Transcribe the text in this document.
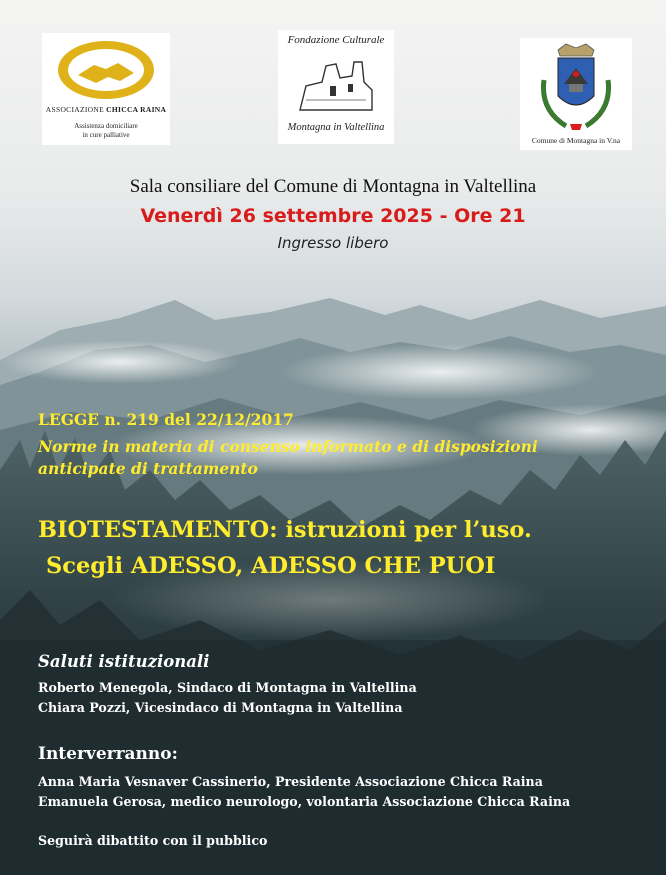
ASSOCIAZIONE CHICCA RAINA
Assistenza domiciliare
in cure palliative
Fondazione Culturale
Montagna in Valtellina
Comune di Montagna in V.na
Sala consiliare del Comune di Montagna in Valtellina
Venerdì 26 settembre 2025 - Ore 21
Ingresso libero
LEGGE n. 219 del 22/12/2017
Norme in materia di consenso informato e di disposizioni
anticipate di trattamento
BIOTESTAMENTO: istruzioni per l’uso.
Scegli ADESSO, ADESSO CHE PUOI
Saluti istituzionali
Roberto Menegola, Sindaco di Montagna in Valtellina
Chiara Pozzi, Vicesindaco di Montagna in Valtellina
Interverranno:
Anna Maria Vesnaver Cassinerio, Presidente Associazione Chicca Raina
Emanuela Gerosa, medico neurologo, volontaria Associazione Chicca Raina
Seguirà dibattito con il pubblico
